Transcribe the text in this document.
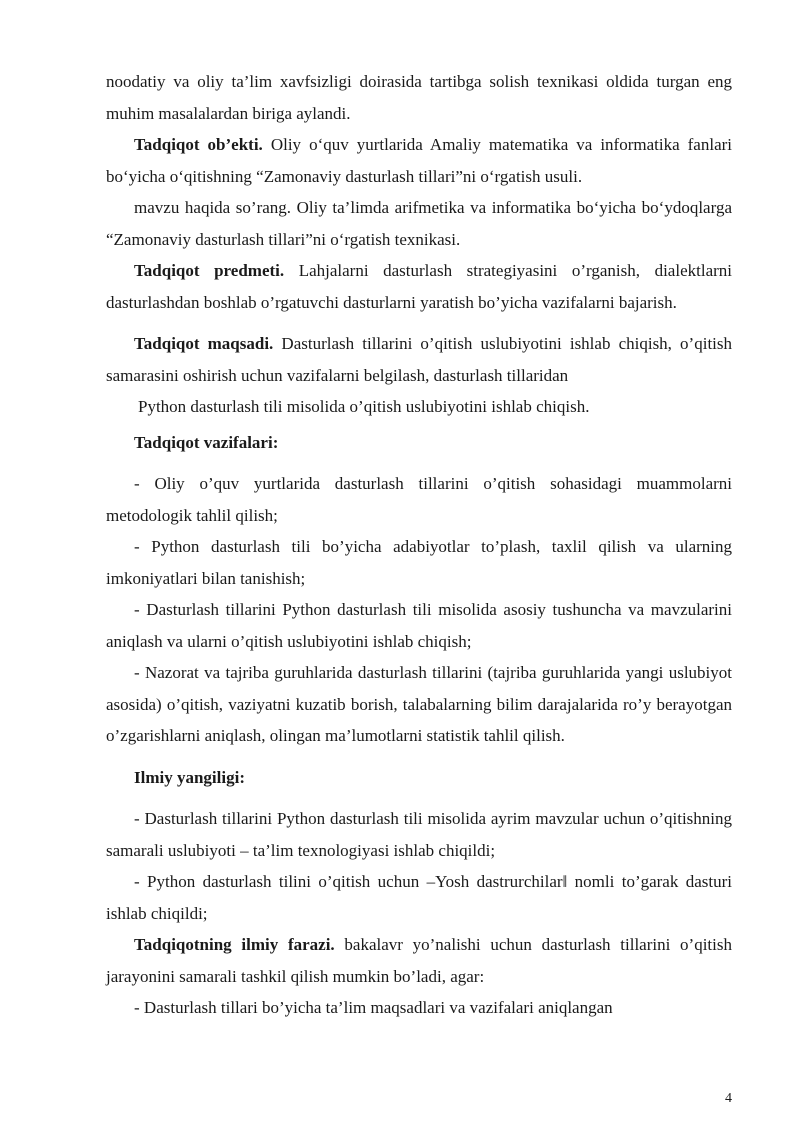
noodatiy va oliy ta’lim xavfsizligi doirasida tartibga solish texnikasi oldida turgan eng muhim masalalardan biriga aylandi.

Tadqiqot ob’ekti. Oliy o‘quv yurtlarida Amaliy matematika va informatika fanlari bo‘yicha o‘qitishning “Zamonaviy dasturlash tillari”ni o‘rgatish usuli.

mavzu haqida so’rang. Oliy ta’limda arifmetika va informatika bo‘yicha bo‘ydoqlarga “Zamonaviy dasturlash tillari”ni o‘rgatish texnikasi.

Tadqiqot predmeti. Lahjalarni dasturlash strategiyasini o’rganish, dialektlarni dasturlashdan boshlab o’rgatuvchi dasturlarni yaratish bo’yicha vazifalarni bajarish.

Tadqiqot maqsadi. Dasturlash tillarini o’qitish uslubiyotini ishlab chiqish, o’qitish samarasini oshirish uchun vazifalarni belgilash, dasturlash tillaridan

Python dasturlash tili misolida o’qitish uslubiyotini ishlab chiqish.

Tadqiqot vazifalari:

- Oliy o’quv yurtlarida dasturlash tillarini o’qitish sohasidagi muammolarni metodologik tahlil qilish;

- Python dasturlash tili bo’yicha adabiyotlar to’plash, taxlil qilish va ularning imkoniyatlari bilan tanishish;

- Dasturlash tillarini Python dasturlash tili misolida asosiy tushuncha va mavzularini aniqlash va ularni o’qitish uslubiyotini ishlab chiqish;

- Nazorat va tajriba guruhlarida dasturlash tillarini (tajriba guruhlarida yangi uslubiyot asosida) o’qitish, vaziyatni kuzatib borish, talabalarning bilim darajalarida ro’y berayotgan o’zgarishlarni aniqlash, olingan ma’lumotlarni statistik tahlil qilish.

Ilmiy yangiligi:

- Dasturlash tillarini Python dasturlash tili misolida ayrim mavzular uchun o’qitishning samarali uslubiyoti – ta’lim texnologiyasi ishlab chiqildi;

- Python dasturlash tilini o’qitish uchun –Yosh dastrurchilar‖ nomli to’garak dasturi ishlab chiqildi;

Tadqiqotning ilmiy farazi. bakalavr yo’nalishi uchun dasturlash tillarini o’qitish jarayonini samarali tashkil qilish mumkin bo’ladi, agar:

- Dasturlash tillari bo’yicha ta’lim maqsadlari va vazifalari aniqlangan

4
